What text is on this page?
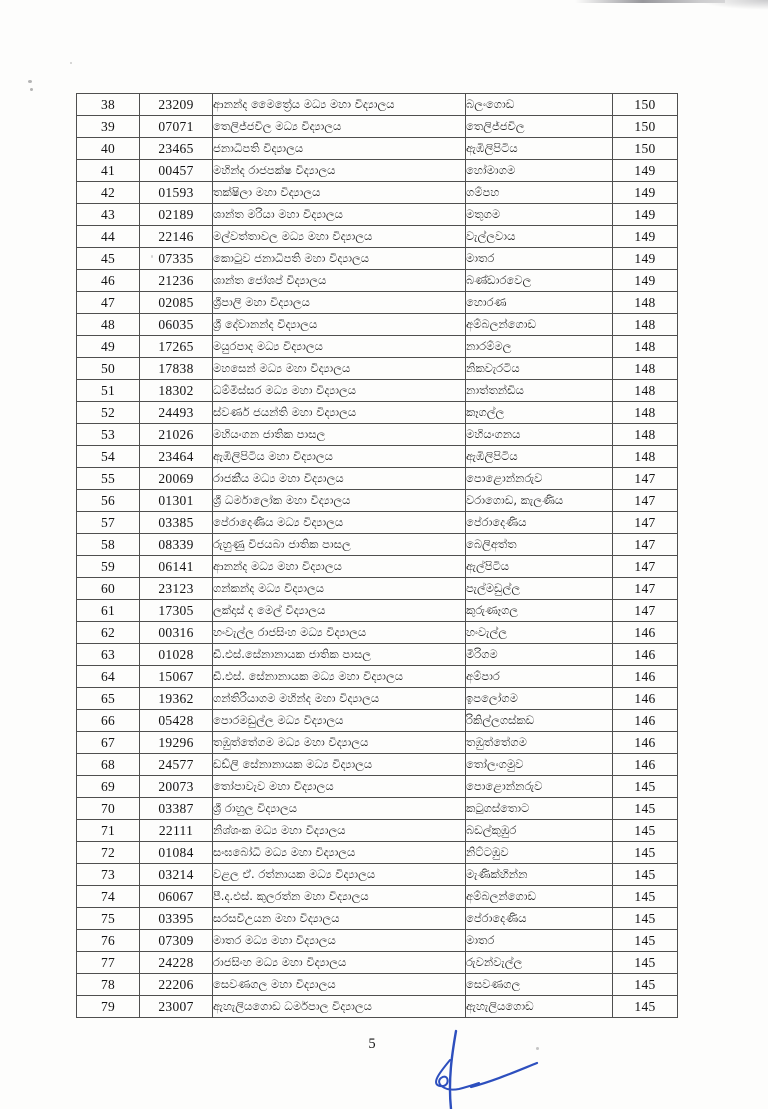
38	23209	ආනන්ද මෛත්‍රේය මධ්‍ය මහා විද්‍යාලය	බලංගොඩ	150
39	07071	තෙලිජ්ජවිල මධ්‍ය විද්‍යාලය	තෙලිජ්ජවිල	150
40	23465	ජනාධිපති විද්‍යාලය	ඇඹිලිපිටිය	150
41	00457	මහින්ද රාජපක්ෂ විද්‍යාලය	හෝමාගම	149
42	01593	තක්ෂිලා මහා විද්‍යාලය	ගම්පහ	149
43	02189	ශාන්ත මරියා මහා විද්‍යාලය	මතුගම	149
44	22146	මල්වත්තාවල මධ්‍ය මහා විද්‍යාලය	වැල්ලවාය	149
45	07335	කොටුව ජනාධිපති මහා විද්‍යාලය	මාතර	149
46	21236	ශාන්ත ජෝශප් විද්‍යාලය	බණ්ඩාරවෙල	149
47	02085	ශ්‍රීපාලි මහා විද්‍යාලය	හොරණ	148
48	06035	ශ්‍රී දේවානන්ද විද්‍යාලය	අම්බලන්ගොඩ	148
49	17265	මයුරපාද මධ්‍ය විද්‍යාලය	නාරම්මල	148
50	17838	මහසෙන් මධ්‍ය මහා විද්‍යාලය	නිකවැරටිය	148
51	18302	ධම්මිස්සර මධ්‍ය මහා විද්‍යාලය	නාත්තන්ඩිය	148
52	24493	ස්වර්ණ ජයන්ති මහා විද්‍යාලය	කෑගල්ල	148
53	21026	මහියංගන ජාතික පාසල	මහියංගනය	148
54	23464	ඇඹිලිපිටිය මහා විද්‍යාලය	ඇඹිලිපිටිය	148
55	20069	රාජකීය මධ්‍ය මහා විද්‍යාලය	පොළොන්නරුව	147
56	01301	ශ්‍රී ධර්මාලෝක මහා විද්‍යාලය	වරාගොඩ, කැලණිය	147
57	03385	පේරාදෙණිය මධ්‍ය විද්‍යාලය	පේරාදෙණිය	147
58	08339	රුහුණු විජයබා ජාතික පාසල	බෙලිඅත්ත	147
59	06141	ආනන්ද මධ්‍ය මහා විද්‍යාලය	ඇල්පිටිය	147
60	23123	ගන්කන්ද මධ්‍ය විද්‍යාලය	පැල්මඩුල්ල	147
61	17305	ලක්දාස් ද මෙල් විද්‍යාලය	කුරුණෑගල	147
62	00316	හංවැල්ල රාජසිංහ මධ්‍ය විද්‍යාලය	හංවැල්ල	146
63	01028	ඩී.එස්.සේනානායක ජාතික පාසල	මීරිගම	146
64	15067	ඩී.එස්. සේනානායක මධ්‍ය මහා විද්‍යාලය	අම්පාර	146
65	19362	ගන්තිරියාගම මහින්ද මහා විද්‍යාලය	ඉපලෝගම	146
66	05428	පොරමඩුල්ල මධ්‍ය විද්‍යාලය	රිකිල්ලගස්කඩ	146
67	19296	තඹුත්තේගම මධ්‍ය මහා විද්‍යාලය	තඹුත්තේගම	146
68	24577	ඩඩ්ලි සේනානායක මධ්‍ය විද්‍යාලය	තෝලංගමුව	146
69	20073	තෝපාවැව මහා විද්‍යාලය	පොළොන්නරුව	145
70	03387	ශ්‍රී රාහුල විද්‍යාලය	කටුගස්තොට	145
71	22111	නිශ්ශංක මධ්‍ය මහා විද්‍යාලය	බඩල්කුඹුර	145
72	01084	සංඝබෝධි මධ්‍ය මහා විද්‍යාලය	නිට්ටඹුව	145
73	03214	වළල ඒ. රත්නායක මධ්‍ය විද්‍යාලය	මැණික්හින්න	145
74	06067	පී.ද.එස්. කුලරත්න මහා විද්‍යාලය	අම්බලන්ගොඩ	145
75	03395	සරසවිඋයන මහා විද්‍යාලය	පේරාදෙණිය	145
76	07309	මාතර මධ්‍ය මහා විද්‍යාලය	මාතර	145
77	24228	රාජසිංහ මධ්‍ය මහා විද්‍යාලය	රුවන්වැල්ල	145
78	22206	සෙවණගල මහා විද්‍යාලය	සෙවණගල	145
79	23007	ඇහැලියගොඩ ධර්මපාල විද්‍යාලය	ඇහැලියගොඩ	145
5
